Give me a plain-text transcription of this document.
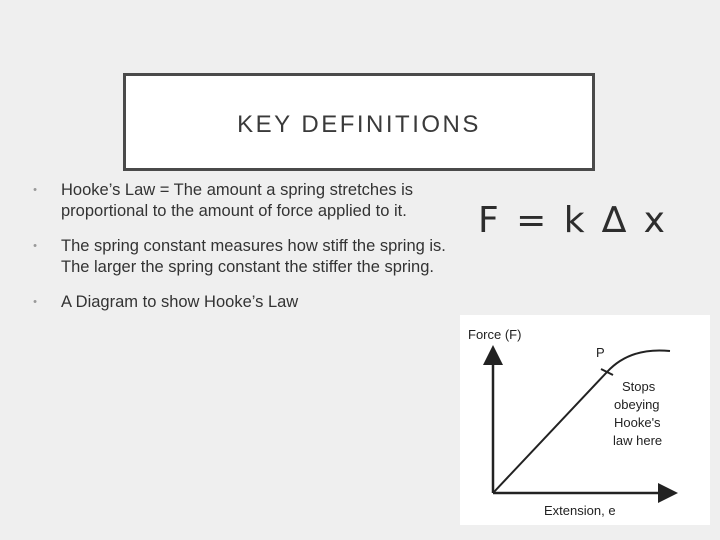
KEY DEFINITIONS
•	Hooke’s Law = The amount a spring stretches is proportional to the amount of force applied to it.
•	The spring constant measures how stiff the spring is. The larger the spring constant the stiffer the spring.
•	A Diagram to show Hooke’s Law
F = k ∆ x
Force (F)
Extension, e
P
Stops
obeying
Hooke's
law here
